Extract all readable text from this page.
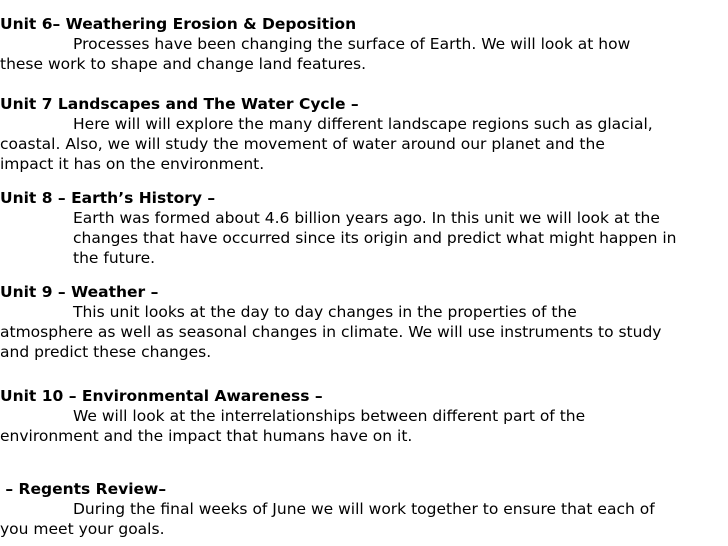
Unit 6– Weathering Erosion & Deposition
Processes have been changing the surface of Earth. We will look at how
these work to shape and change land features.
Unit 7 Landscapes and The Water Cycle –
Here will will explore the many different landscape regions such as glacial,
coastal. Also, we will study the movement of water around our planet and the
impact it has on the environment.
Unit 8 – Earth’s History –
Earth was formed about 4.6 billion years ago. In this unit we will look at the
changes that have occurred since its origin and predict what might happen in
the future.
Unit 9 – Weather –
This unit looks at the day to day changes in the properties of the
atmosphere as well as seasonal changes in climate. We will use instruments to study
and predict these changes.
Unit 10 – Environmental Awareness –
We will look at the interrelationships between different part of the
environment and the impact that humans have on it.
– Regents Review–
During the final weeks of June we will work together to ensure that each of
you meet your goals.
